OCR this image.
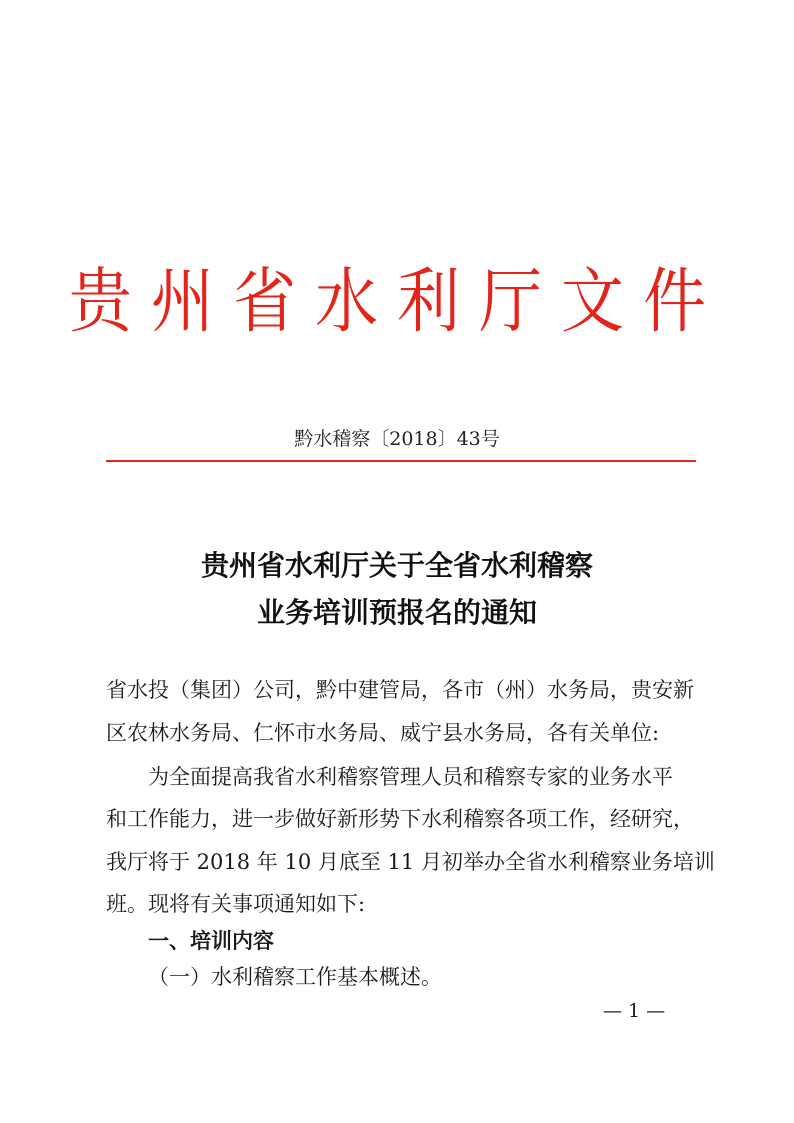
贵州省水利厅文件
黔水稽察〔2018〕43号
贵州省水利厅关于全省水利稽察
业务培训预报名的通知
省水投（集团）公司，黔中建管局，各市（州）水务局，贵安新
区农林水务局、仁怀市水务局、威宁县水务局，各有关单位:
为全面提高我省水利稽察管理人员和稽察专家的业务水平
和工作能力，进一步做好新形势下水利稽察各项工作，经研究，
我厅将于 2018 年 10 月底至 11 月初举办全省水利稽察业务培训
班。现将有关事项通知如下:
一、培训内容
（一）水利稽察工作基本概述。
— 1 —
